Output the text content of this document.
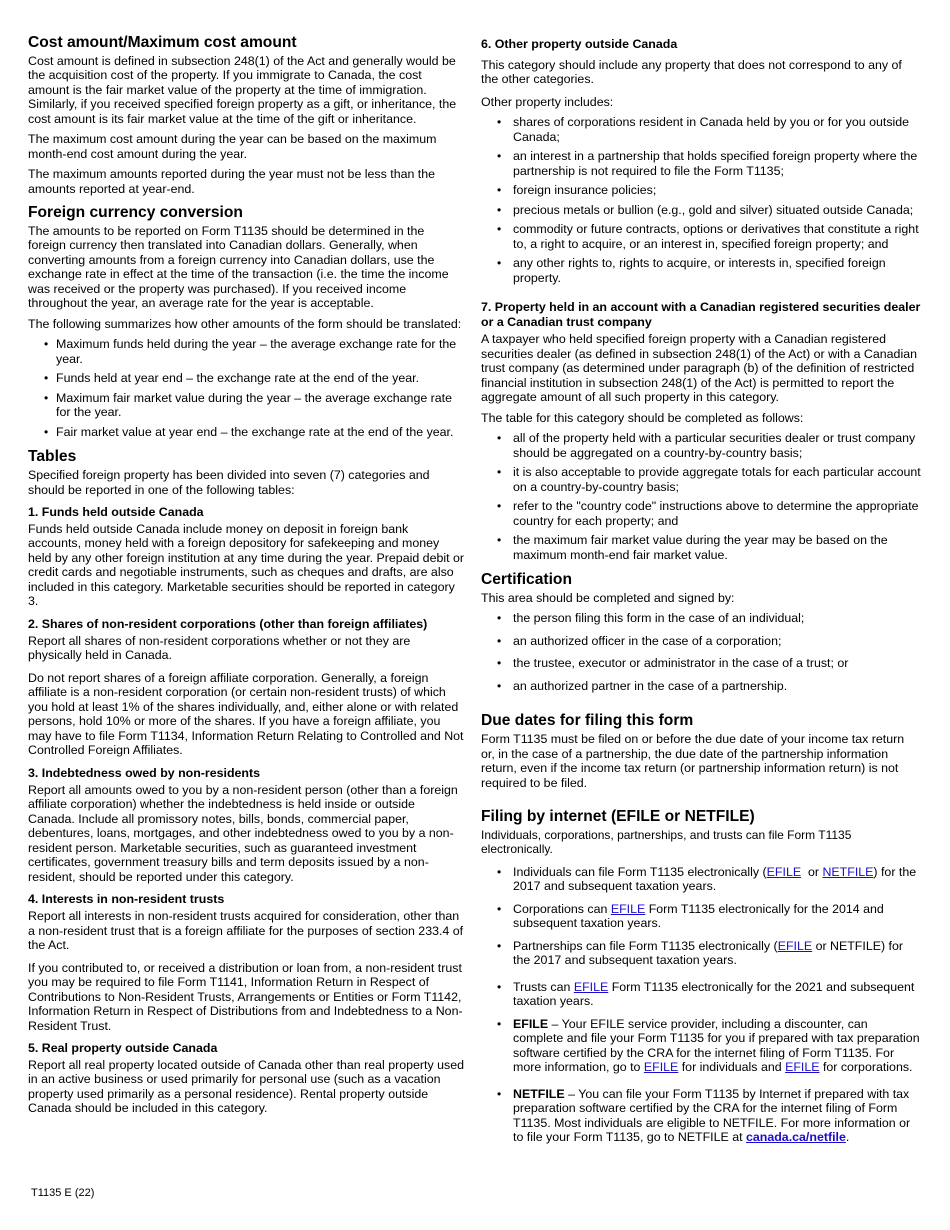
Cost amount/Maximum cost amount

Cost amount is defined in subsection 248(1) of the Act and generally would be the acquisition cost of the property. If you immigrate to Canada, the cost amount is the fair market value of the property at the time of immigration. Similarly, if you received specified foreign property as a gift, or inheritance, the cost amount is its fair market value at the time of the gift or inheritance.

The maximum cost amount during the year can be based on the maximum month-end cost amount during the year.

The maximum amounts reported during the year must not be less than the amounts reported at year-end.

Foreign currency conversion

The amounts to be reported on Form T1135 should be determined in the foreign currency then translated into Canadian dollars. Generally, when converting amounts from a foreign currency into Canadian dollars, use the exchange rate in effect at the time of the transaction (i.e. the time the income was received or the property was purchased). If you received income throughout the year, an average rate for the year is acceptable.

The following summarizes how other amounts of the form should be translated:

• Maximum funds held during the year – the average exchange rate for the year.
• Funds held at year end – the exchange rate at the end of the year.
• Maximum fair market value during the year – the average exchange rate for the year.
• Fair market value at year end – the exchange rate at the end of the year.
Tables

Specified foreign property has been divided into seven (7) categories and should be reported in one of the following tables:

1. Funds held outside Canada

Funds held outside Canada include money on deposit in foreign bank accounts, money held with a foreign depository for safekeeping and money held by any other foreign institution at any time during the year. Prepaid debit or credit cards and negotiable instruments, such as cheques and drafts, are also included in this category. Marketable securities should be reported in category 3.

2. Shares of non-resident corporations (other than foreign affiliates)

Report all shares of non-resident corporations whether or not they are physically held in Canada.

Do not report shares of a foreign affiliate corporation. Generally, a foreign affiliate is a non-resident corporation (or certain non-resident trusts) of which you hold at least 1% of the shares individually, and, either alone or with related persons, hold 10% or more of the shares. If you have a foreign affiliate, you may have to file Form T1134, Information Return Relating to Controlled and Not Controlled Foreign Affiliates.

3. Indebtedness owed by non-residents

Report all amounts owed to you by a non-resident person (other than a foreign affiliate corporation) whether the indebtedness is held inside or outside Canada. Include all promissory notes, bills, bonds, commercial paper, debentures, loans, mortgages, and other indebtedness owed to you by a non-resident person. Marketable securities, such as guaranteed investment certificates, government treasury bills and term deposits issued by a non-resident, should be reported under this category.

4. Interests in non-resident trusts

Report all interests in non-resident trusts acquired for consideration, other than a non-resident trust that is a foreign affiliate for the purposes of section 233.4 of the Act.

If you contributed to, or received a distribution or loan from, a non-resident trust you may be required to file Form T1141, Information Return in Respect of Contributions to Non-Resident Trusts, Arrangements or Entities or Form T1142, Information Return in Respect of Distributions from and Indebtedness to a Non-Resident Trust.

5. Real property outside Canada

Report all real property located outside of Canada other than real property used in an active business or used primarily for personal use (such as a vacation property used primarily as a personal residence). Rental property outside Canada should be included in this category.

6. Other property outside Canada

This category should include any property that does not correspond to any of the other categories.

Other property includes:

• shares of corporations resident in Canada held by you or for you outside Canada;
• an interest in a partnership that holds specified foreign property where the partnership is not required to file the Form T1135;
• foreign insurance policies;
• precious metals or bullion (e.g., gold and silver) situated outside Canada;
• commodity or future contracts, options or derivatives that constitute a right to, a right to acquire, or an interest in, specified foreign property; and
• any other rights to, rights to acquire, or interests in, specified foreign property.
7. Property held in an account with a Canadian registered securities dealer or a Canadian trust company

A taxpayer who held specified foreign property with a Canadian registered securities dealer (as defined in subsection 248(1) of the Act) or with a Canadian trust company (as determined under paragraph (b) of the definition of restricted financial institution in subsection 248(1) of the Act) is permitted to report the aggregate amount of all such property in this category.

The table for this category should be completed as follows:

• all of the property held with a particular securities dealer or trust company should be aggregated on a country-by-country basis;
• it is also acceptable to provide aggregate totals for each particular account on a country-by-country basis;
• refer to the "country code" instructions above to determine the appropriate country for each property; and
• the maximum fair market value during the year may be based on the maximum month-end fair market value.
Certification

This area should be completed and signed by:

• the person filing this form in the case of an individual;
• an authorized officer in the case of a corporation;
• the trustee, executor or administrator in the case of a trust; or
• an authorized partner in the case of a partnership.
Due dates for filing this form

Form T1135 must be filed on or before the due date of your income tax return or, in the case of a partnership, the due date of the partnership information return, even if the income tax return (or partnership information return) is not required to be filed.

Filing by internet (EFILE or NETFILE)

Individuals, corporations, partnerships, and trusts can file Form T1135 electronically.

• Individuals can file Form T1135 electronically (EFILE  or NETFILE) for the 2017 and subsequent taxation years.
• Corporations can EFILE Form T1135 electronically for the 2014 and subsequent taxation years.
• Partnerships can file Form T1135 electronically (EFILE or NETFILE) for the 2017 and subsequent taxation years.
• Trusts can EFILE Form T1135 electronically for the 2021 and subsequent taxation years.
• EFILE – Your EFILE service provider, including a discounter, can complete and file your Form T1135 for you if prepared with tax preparation software certified by the CRA for the internet filing of Form T1135. For more information, go to EFILE for individuals and EFILE for corporations.
• NETFILE – You can file your Form T1135 by Internet if prepared with tax preparation software certified by the CRA for the internet filing of Form T1135. Most individuals are eligible to NETFILE. For more information or to file your Form T1135, go to NETFILE at canada.ca/netfile.
T1135 E (22)
